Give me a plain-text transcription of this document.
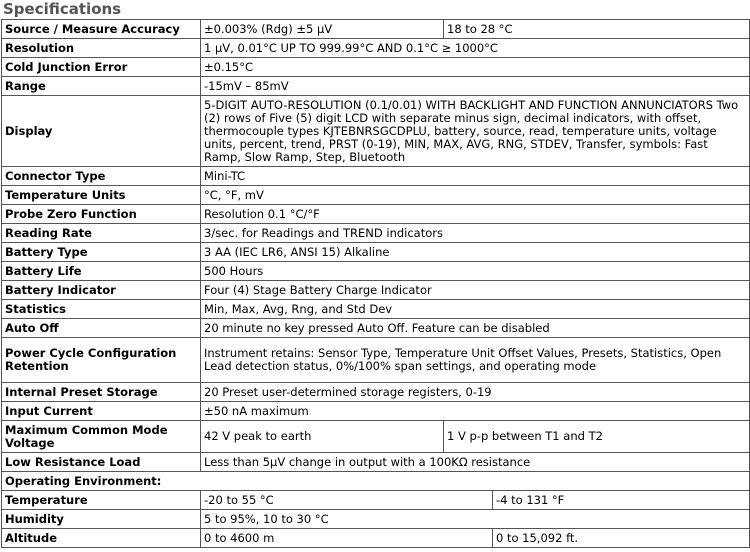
Specifications
Source / Measure Accuracy	±0.003% (Rdg) ±5 µV	18 to 28 °C	
Resolution	1 µV, 0.01°C UP TO 999.99°C AND 0.1°C ≥ 1000°C		
Cold Junction Error	±0.15°C		
Range	-15mV – 85mV		
Display	5-DIGIT AUTO-RESOLUTION (0.1/0.01) WITH BACKLIGHT AND FUNCTION ANNUNCIATORS Two (2) rows of Five (5) digit LCD with separate minus sign, decimal indicators, with offset, thermocouple types KJTEBNRSGCDPLU, battery, source, read, temperature units, voltage units, percent, trend, PRST (0-19), MIN, MAX, AVG, RNG, STDEV, Transfer, symbols: Fast Ramp, Slow Ramp, Step, Bluetooth		
Connector Type	Mini-TC		
Temperature Units	°C, °F, mV		
Probe Zero Function	Resolution 0.1 °C/°F		
Reading Rate	3/sec. for Readings and TREND indicators		
Battery Type	3 AA (IEC LR6, ANSI 15) Alkaline		
Battery Life	500 Hours		
Battery Indicator	Four (4) Stage Battery Charge Indicator		
Statistics	Min, Max, Avg, Rng, and Std Dev		
Auto Off	20 minute no key pressed Auto Off. Feature can be disabled		
Power Cycle Configuration Retention	Instrument retains: Sensor Type, Temperature Unit Offset Values, Presets, Statistics, Open Lead detection status, 0%/100% span settings, and operating mode		
Internal Preset Storage	20 Preset user-determined storage registers, 0-19		
Input Current	±50 nA maximum		
Maximum Common Mode Voltage	42 V peak to earth	1 V p-p between T1 and T2	
Low Resistance Load	Less than 5µV change in output with a 100KΩ resistance		
Operating Environment:			
Temperature	-20 to 55 °C		-4 to 131 °F
Humidity	5 to 95%, 10 to 30 °C		
Altitude	0 to 4600 m		0 to 15,092 ft.
